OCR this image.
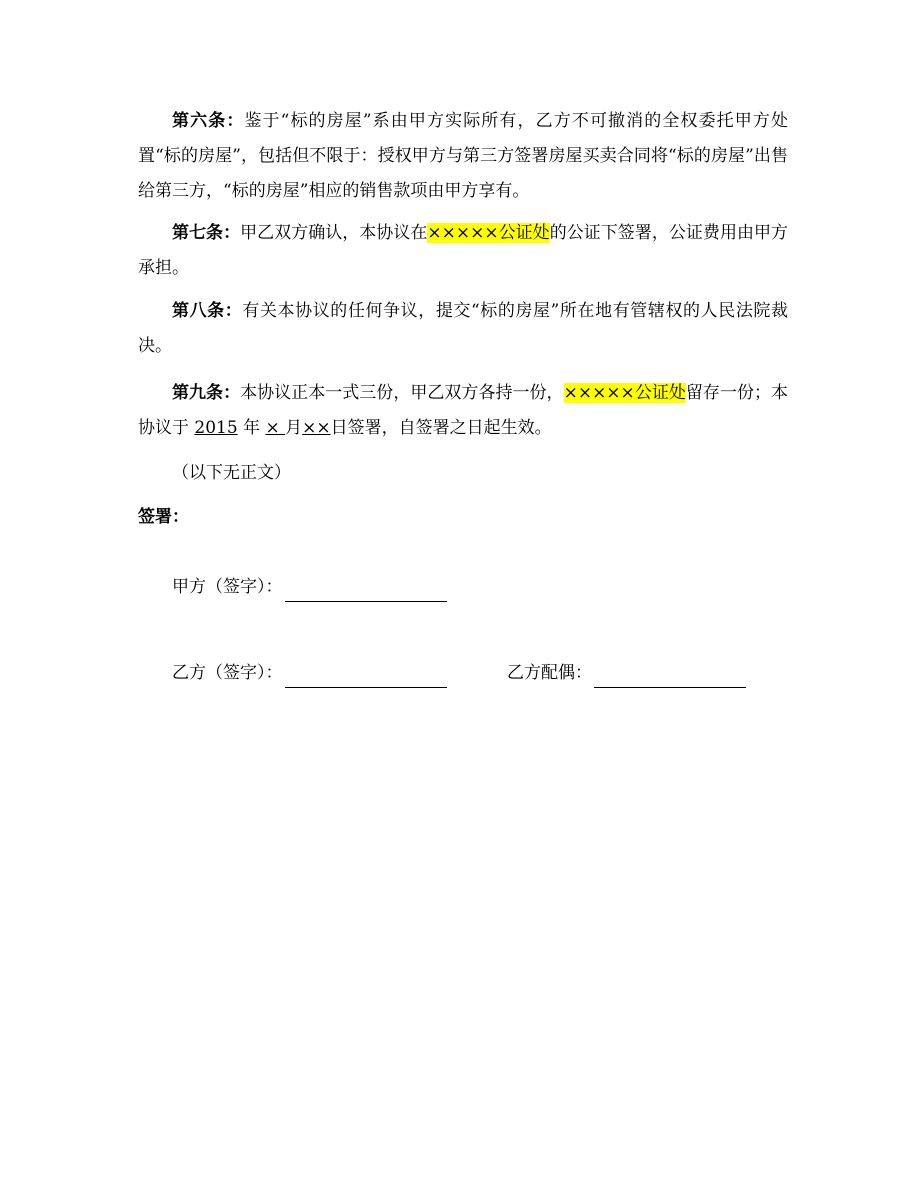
第六条：鉴于“标的房屋”系由甲方实际所有，乙方不可撤消的全权委托甲方处置“标的房屋”，包括但不限于：授权甲方与第三方签署房屋买卖合同将“标的房屋”出售给第三方，“标的房屋”相应的销售款项由甲方享有。

第七条：甲乙双方确认，本协议在×××××公证处的公证下签署，公证费用由甲方承担。

第八条：有关本协议的任何争议，提交“标的房屋”所在地有管辖权的人民法院裁决。

第九条：本协议正本一式三份，甲乙双方各持一份，×××××公证处留存一份；本协议于 2015 年 × 月××日签署，自签署之日起生效。

（以下无正文）

签署：

甲方（签字）：
乙方（签字）：	乙方配偶：
